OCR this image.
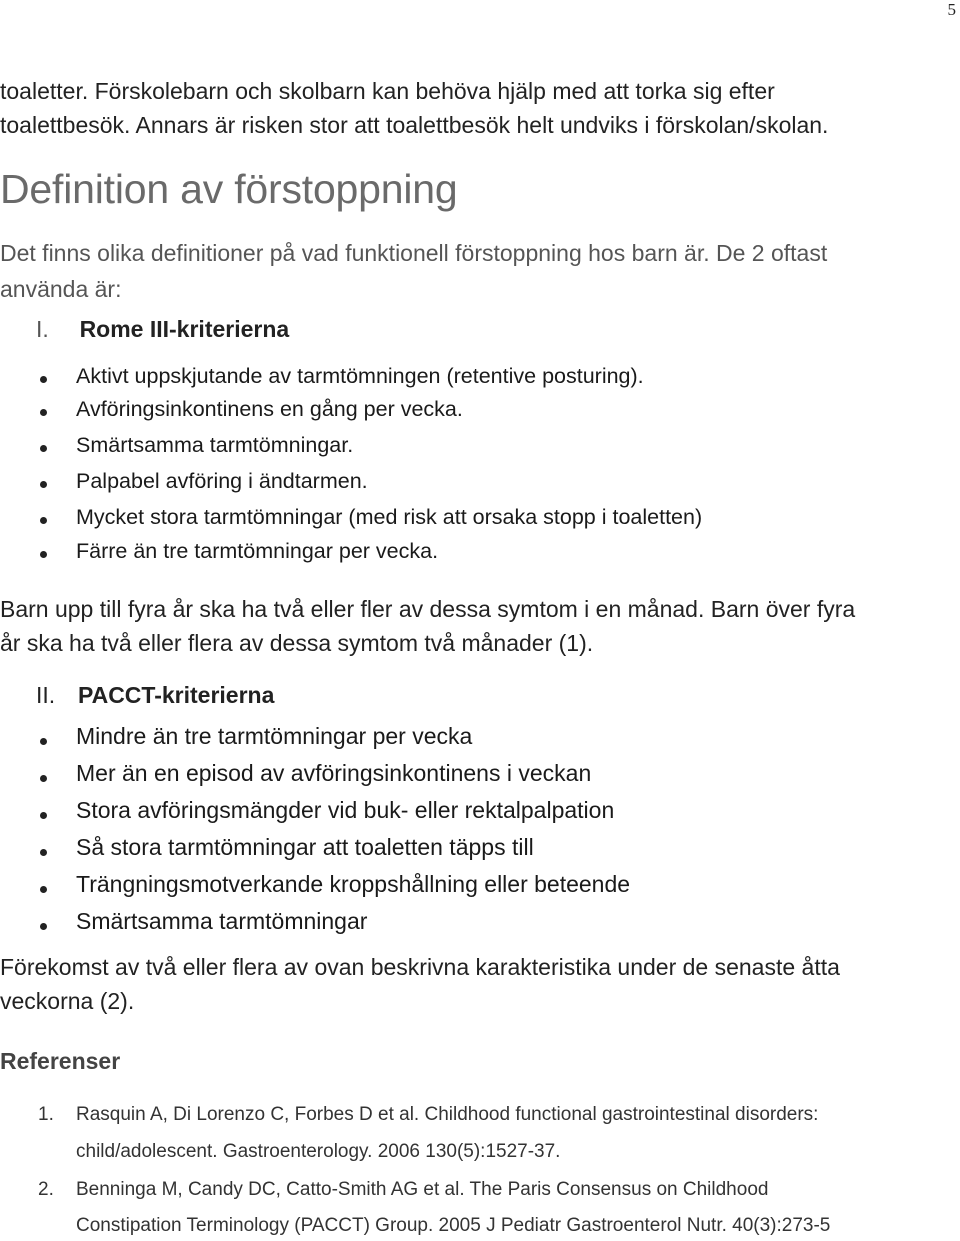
5
toaletter. Förskolebarn och skolbarn kan behöva hjälp med att torka sig efter
toalettbesök. Annars är risken stor att toalettbesök helt undviks i förskolan/skolan.
Definition av förstoppning
Det finns olika definitioner på vad funktionell förstoppning hos barn är. De 2 oftast
använda är:
I. Rome III-kriterierna
Aktivt uppskjutande av tarmtömningen (retentive posturing).
Avföringsinkontinens en gång per vecka.
Smärtsamma tarmtömningar.
Palpabel avföring i ändtarmen.
Mycket stora tarmtömningar (med risk att orsaka stopp i toaletten)
Färre än tre tarmtömningar per vecka.
Barn upp till fyra år ska ha två eller fler av dessa symtom i en månad. Barn över fyra
år ska ha två eller flera av dessa symtom två månader (1).
II. PACCT-kriterierna
Mindre än tre tarmtömningar per vecka
Mer än en episod av avföringsinkontinens i veckan
Stora avföringsmängder vid buk- eller rektalpalpation
Så stora tarmtömningar att toaletten täpps till
Trängningsmotverkande kroppshållning eller beteende
Smärtsamma tarmtömningar
Förekomst av två eller flera av ovan beskrivna karakteristika under de senaste åtta
veckorna (2).
Referenser
1. Rasquin A, Di Lorenzo C, Forbes D et al. Childhood functional gastrointestinal disorders:
child/adolescent. Gastroenterology. 2006 130(5):1527-37.
2. Benninga M, Candy DC, Catto-Smith AG et al. The Paris Consensus on Childhood
Constipation Terminology (PACCT) Group. 2005 J Pediatr Gastroenterol Nutr. 40(3):273-5
